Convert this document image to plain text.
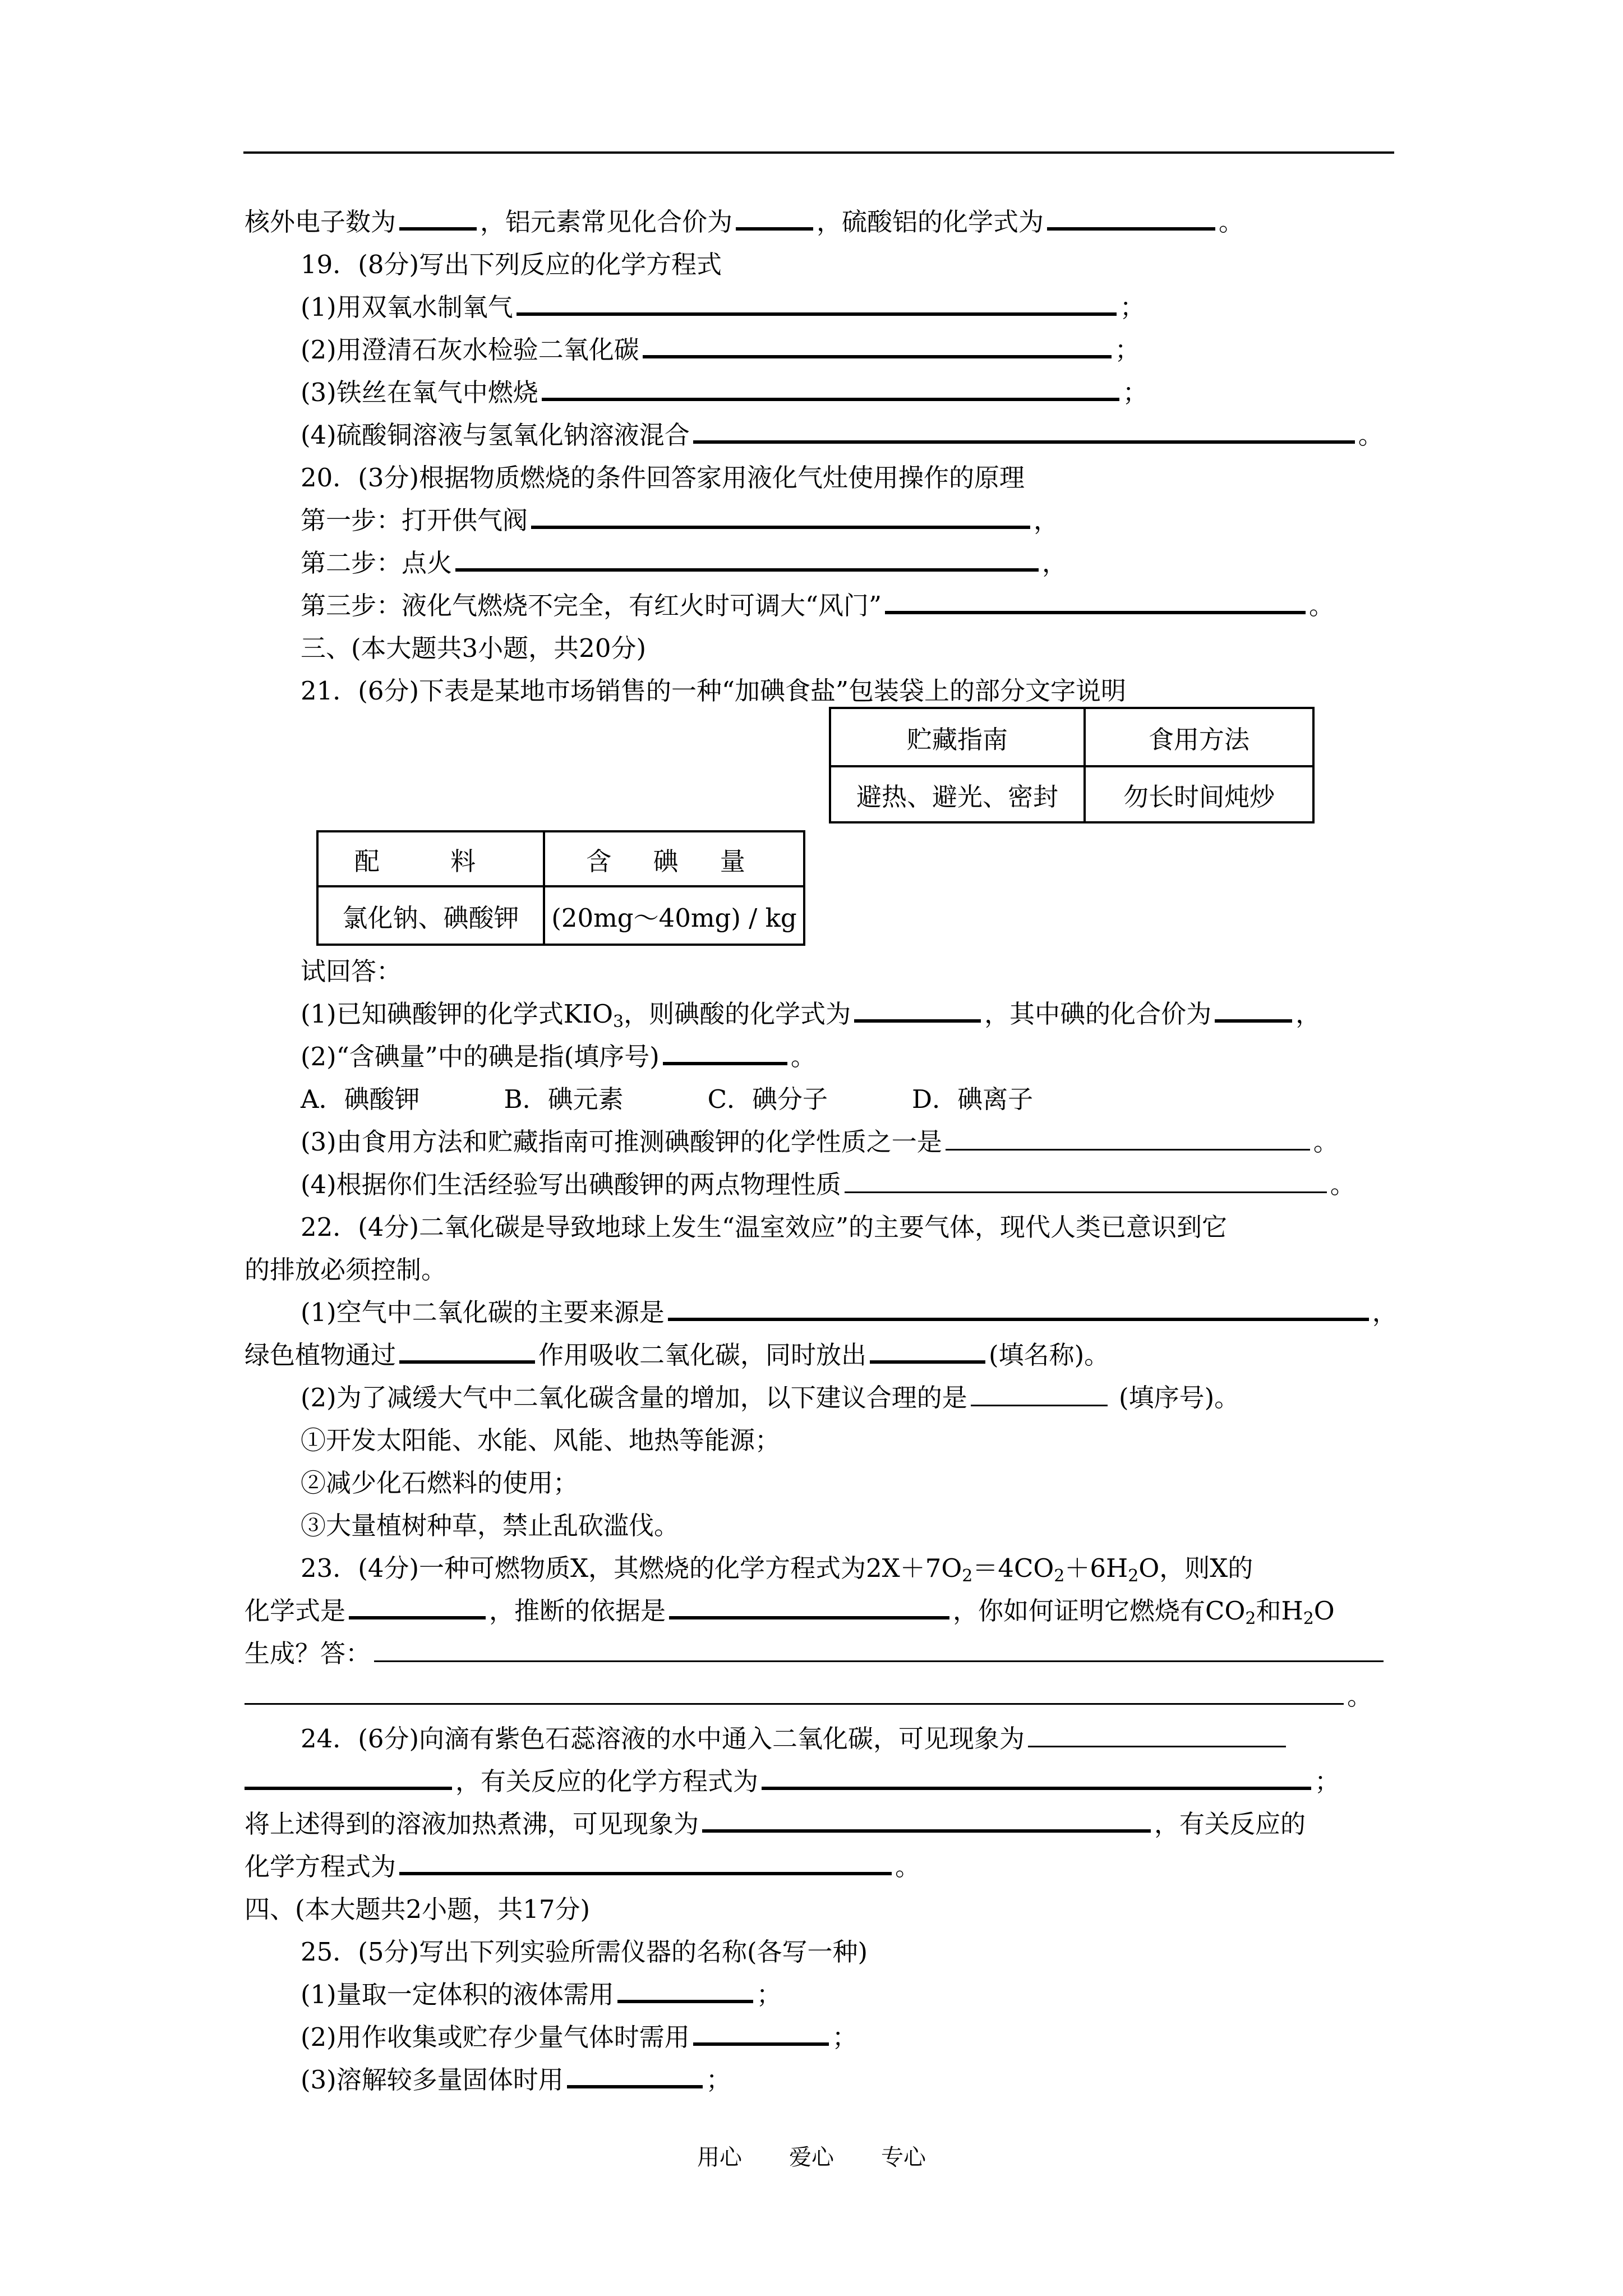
核外电子数为	，铝元素常见化合价为	，硫酸铝的化学式为	。
19．(8分)写出下列反应的化学方程式
(1)用双氧水制氧气	；
(2)用澄清石灰水检验二氧化碳	；
(3)铁丝在氧气中燃烧	；
(4)硫酸铜溶液与氢氧化钠溶液混合	。
20．(3分)根据物质燃烧的条件回答家用液化气灶使用操作的原理
第一步：打开供气阀	，
第二步：点火	，
第三步：液化气燃烧不完全，有红火时可调大“风门”	。
三、(本大题共3小题，共20分)
21．(6分)下表是某地市场销售的一种“加碘食盐”包装袋上的部分文字说明
贮藏指南	食用方法
避热、避光、密封	勿长时间炖炒
配 料	含 碘 量
氯化钠、碘酸钾	(20mg～40mg) / kg
试回答：
(1)已知碘酸钾的化学式$KIO_3$，则碘酸的化学式为	，其中碘的化合价为	，
(2)“含碘量”中的碘是指(填序号)	。
A．碘酸钾	B．碘元素	C．碘分子	D．碘离子
(3)由食用方法和贮藏指南可推测碘酸钾的化学性质之一是	。
(4)根据你们生活经验写出碘酸钾的两点物理性质	。
22．(4分)二氧化碳是导致地球上发生“温室效应”的主要气体，现代人类已意识到它
的排放必须控制。
(1)空气中二氧化碳的主要来源是	，
绿色植物通过	作用吸收二氧化碳，同时放出	(填名称)。
(2)为了减缓大气中二氧化碳含量的增加，以下建议合理的是	(填序号)。
①开发太阳能、水能、风能、地热等能源；
②减少化石燃料的使用；
③大量植树种草，禁止乱砍滥伐。
23．(4分)一种可燃物质X，其燃烧的化学方程式为$2X+7O_2=4CO_2+6H_2O$，则X的
化学式是	，推断的依据是	，你如何证明它燃烧有$CO_2$和$H_2O$
生成？答：
。
24．(6分)向滴有紫色石蕊溶液的水中通入二氧化碳，可见现象为
，有关反应的化学方程式为	；
将上述得到的溶液加热煮沸，可见现象为	，有关反应的
化学方程式为	。
四、(本大题共2小题，共17分)
25．(5分)写出下列实验所需仪器的名称(各写一种)
(1)量取一定体积的液体需用	；
(2)用作收集或贮存少量气体时需用	；
(3)溶解较多量固体时用	；
用心 爱心 专心
